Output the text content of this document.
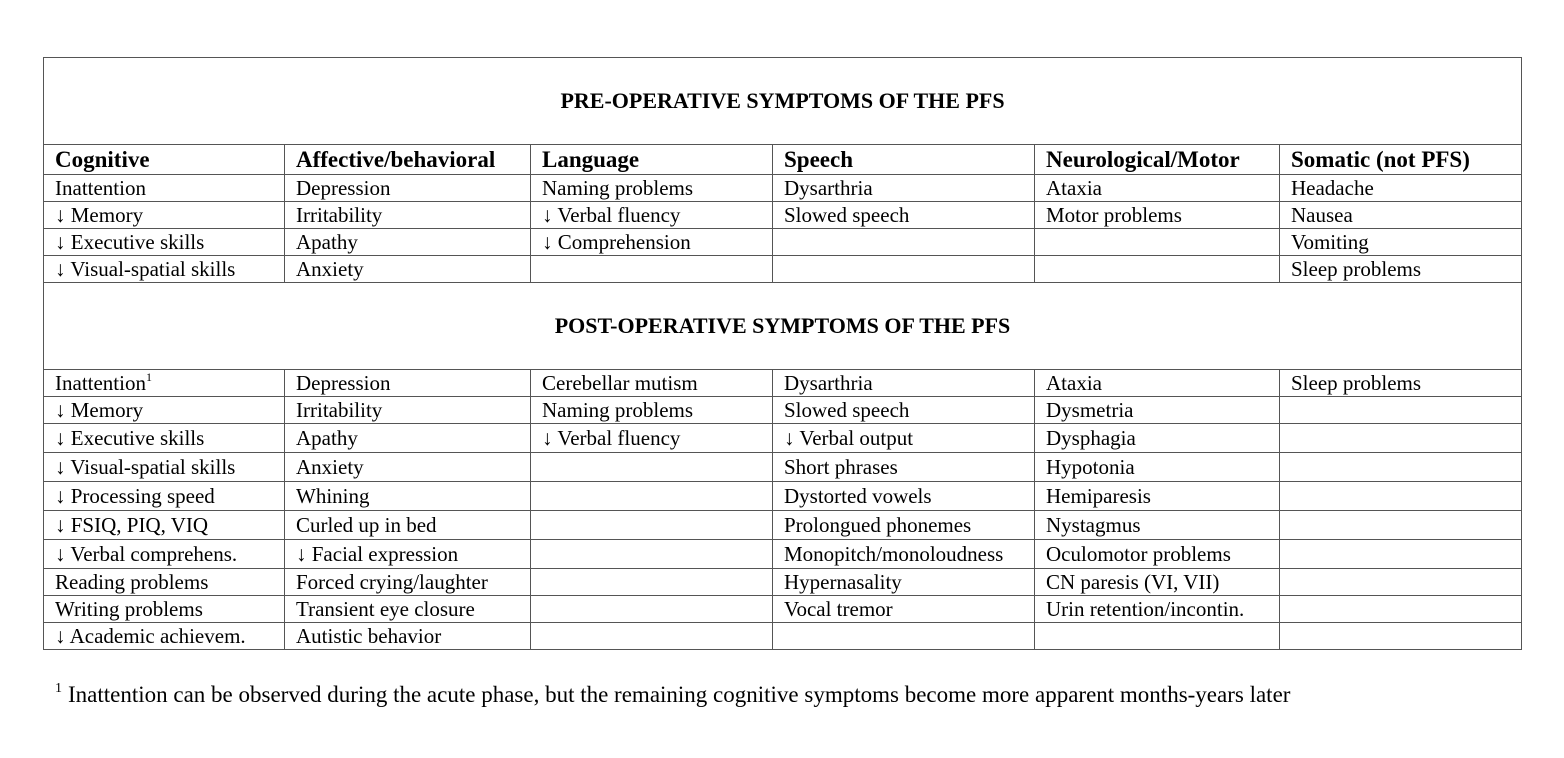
PRE-OPERATIVE SYMPTOMS OF THE PFS					
Cognitive	Affective/behavioral	Language	Speech	Neurological/Motor	Somatic (not PFS)
Inattention	Depression	Naming problems	Dysarthria	Ataxia	Headache
↓ Memory	Irritability	↓ Verbal fluency	Slowed speech	Motor problems	Nausea
↓ Executive skills	Apathy	↓ Comprehension			Vomiting
↓ Visual-spatial skills	Anxiety				Sleep problems
POST-OPERATIVE SYMPTOMS OF THE PFS					
Inattention$^1$	Depression	Cerebellar mutism	Dysarthria	Ataxia	Sleep problems
↓ Memory	Irritability	Naming problems	Slowed speech	Dysmetria	
↓ Executive skills	Apathy	↓ Verbal fluency	↓ Verbal output	Dysphagia	
↓ Visual-spatial skills	Anxiety		Short phrases	Hypotonia	
↓ Processing speed	Whining		Dystorted vowels	Hemiparesis	
↓ FSIQ, PIQ, VIQ	Curled up in bed		Prolongued phonemes	Nystagmus	
↓ Verbal comprehens.	↓ Facial expression		Monopitch/monoloudness	Oculomotor problems	
Reading problems	Forced crying/laughter		Hypernasality	CN paresis (VI, VII)	
Writing problems	Transient eye closure		Vocal tremor	Urin retention/incontin.	
↓ Academic achievem.	Autistic behavior				
$^1$ Inattention can be observed during the acute phase, but the remaining cognitive symptoms become more apparent months-years later
